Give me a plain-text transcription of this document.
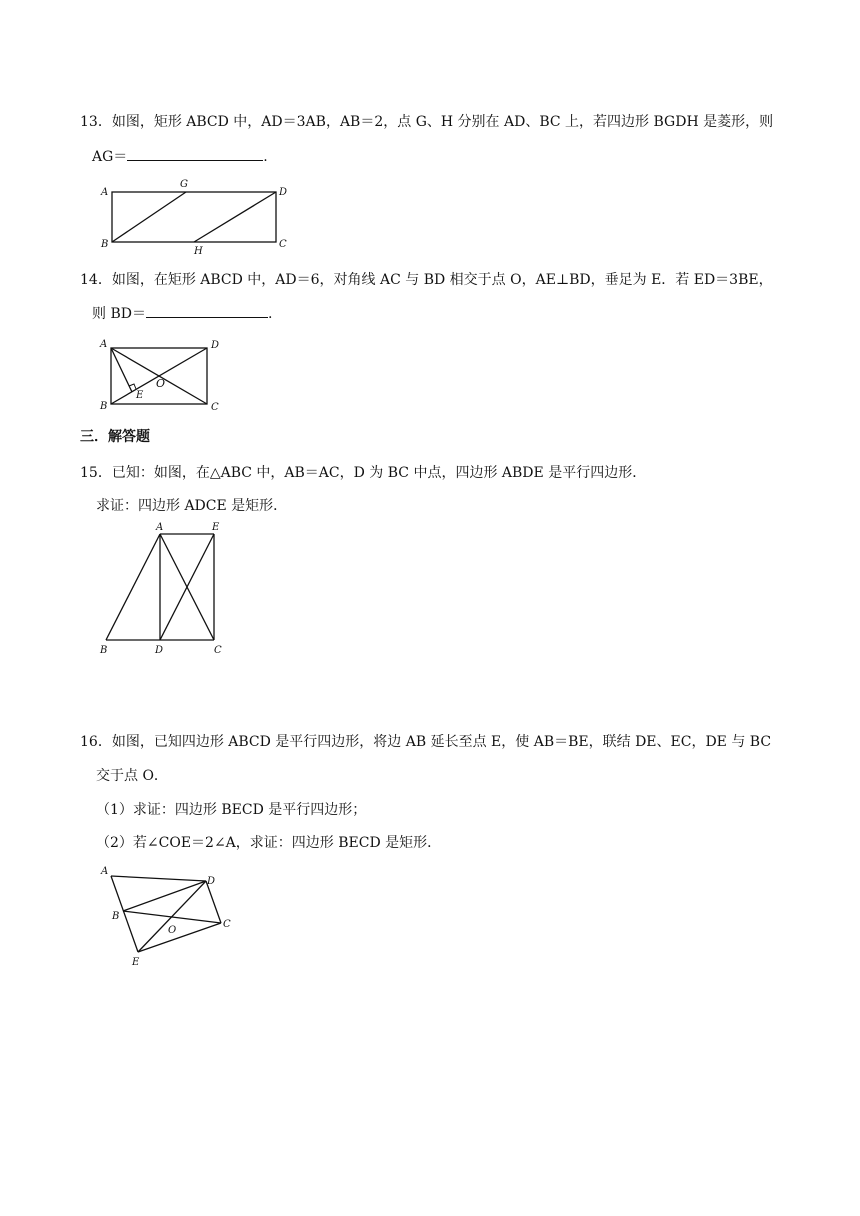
13．如图，矩形 ABCD 中，AD＝3AB，AB＝2，点 G、H 分别在 AD、BC 上，若四边形 BGDH 是菱形，则
AG＝	.
A
G
D
B
H
C
14．如图，在矩形 ABCD 中，AD＝6，对角线 AC 与 BD 相交于点 O，AE⊥BD，垂足为 E．若 ED＝3BE，
则 BD＝	.
A	D
O
B
E
C
三．解答题
15．已知：如图，在△ABC 中，AB＝AC，D 为 BC 中点，四边形 ABDE 是平行四边形．
求证：四边形 ADCE 是矩形．
A	E
B	D	C
16．如图，已知四边形 ABCD 是平行四边形，将边 AB 延长至点 E，使 AB＝BE，联结 DE、EC，DE 与 BC
交于点 O．
（1）求证：四边形 BECD 是平行四边形；
（2）若∠COE＝2∠A，求证：四边形 BECD 是矩形．
A
D
B
C
O
E
